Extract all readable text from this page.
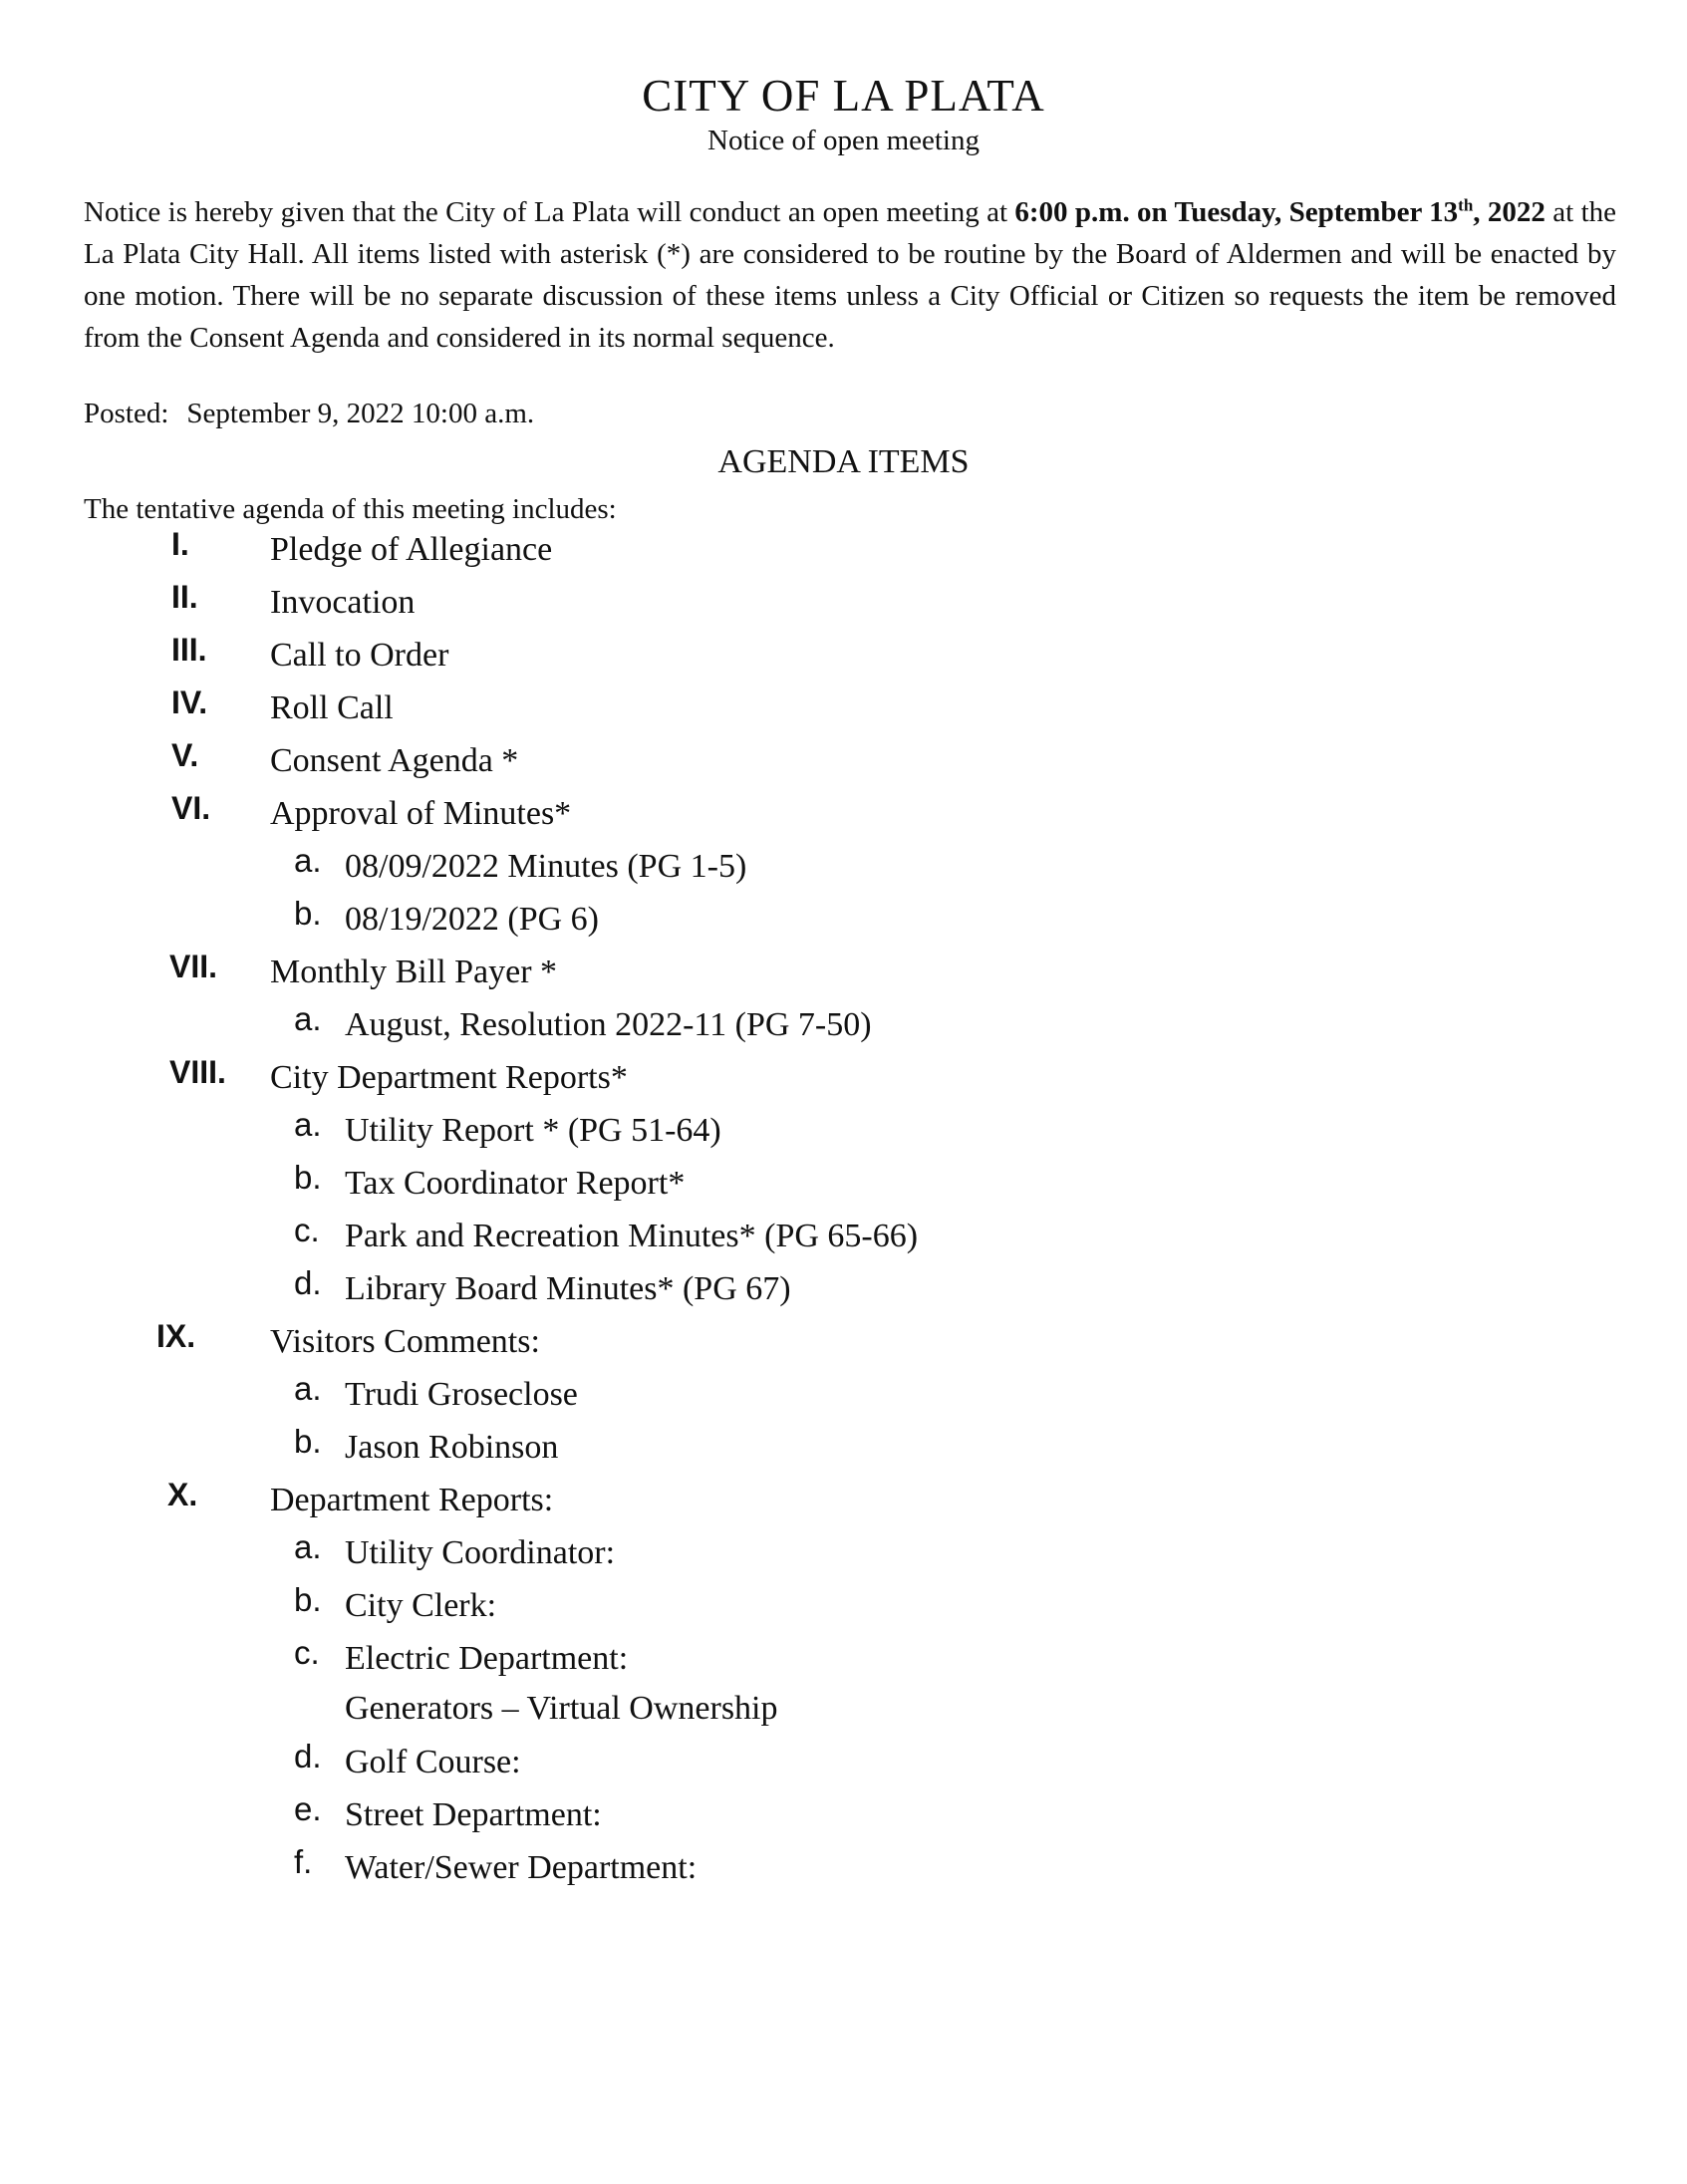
CITY OF LA PLATA
Notice of open meeting
Notice is hereby given that the City of La Plata will conduct an open meeting at 6:00 p.m. on Tuesday, September 13th, 2022 at the La Plata City Hall. All items listed with asterisk (*) are considered to be routine by the Board of Aldermen and will be enacted by one motion. There will be no separate discussion of these items unless a City Official or Citizen so requests the item be removed from the Consent Agenda and considered in its normal sequence.
Posted: September 9, 2022 10:00 a.m.
AGENDA ITEMS
The tentative agenda of this meeting includes:
I. Pledge of Allegiance
II. Invocation
III. Call to Order
IV. Roll Call
V. Consent Agenda *
VI. Approval of Minutes*
a. 08/09/2022 Minutes (PG 1-5)
b. 08/19/2022 (PG 6)
VII. Monthly Bill Payer *
a. August, Resolution 2022-11 (PG 7-50)
VIII. City Department Reports*
a. Utility Report * (PG 51-64)
b. Tax Coordinator Report*
c. Park and Recreation Minutes* (PG 65-66)
d. Library Board Minutes* (PG 67)
IX. Visitors Comments:
a. Trudi Groseclose
b. Jason Robinson
X. Department Reports:
a. Utility Coordinator:
b. City Clerk:
c. Electric Department:
Generators – Virtual Ownership
d. Golf Course:
e. Street Department:
f. Water/Sewer Department:
